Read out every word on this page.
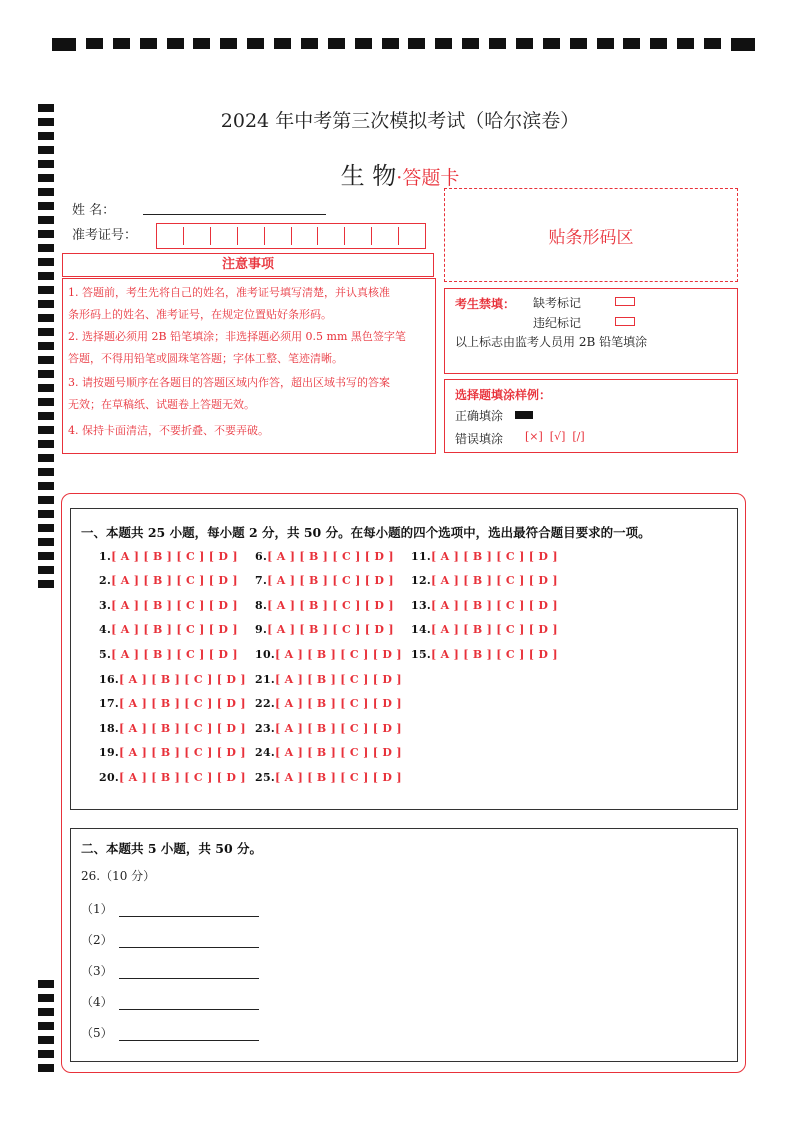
2024 年中考第三次模拟考试（哈尔滨卷）
生 物·答题卡
姓 名：
准考证号：	贴条形码区
注意事项

1. 答题前，考生先将自己的姓名，准考证号填写清楚，并认真核准

条形码上的姓名、准考证号，在规定位置贴好条形码。

2. 选择题必须用 2B 铅笔填涂；非选择题必须用 0.5 mm 黑色签字笔

答题，不得用铅笔或圆珠笔答题；字体工整、笔迹清晰。

3. 请按题号顺序在各题目的答题区域内作答，超出区域书写的答案

无效；在草稿纸、试题卷上答题无效。

4. 保持卡面清洁，不要折叠、不要弄破。

考生禁填： 缺考标记
违纪标记
以上标志由监考人员用 2B 铅笔填涂
选择题填涂样例：
正确填涂
错误填涂 [×]  [√]  [/]
一、本题共 25 小题，每小题 2 分，共 50 分。在每小题的四个选项中，选出最符合题目要求的一项。
1.[ A ] [ B ] [ C ] [ D ]
2.[ A ] [ B ] [ C ] [ D ]
3.[ A ] [ B ] [ C ] [ D ]
4.[ A ] [ B ] [ C ] [ D ]
5.[ A ] [ B ] [ C ] [ D ]
6.[ A ] [ B ] [ C ] [ D ]
7.[ A ] [ B ] [ C ] [ D ]
8.[ A ] [ B ] [ C ] [ D ]
9.[ A ] [ B ] [ C ] [ D ]
10.[ A ] [ B ] [ C ] [ D ]
11.[ A ] [ B ] [ C ] [ D ]
12.[ A ] [ B ] [ C ] [ D ]
13.[ A ] [ B ] [ C ] [ D ]
14.[ A ] [ B ] [ C ] [ D ]
15.[ A ] [ B ] [ C ] [ D ]
16.[ A ] [ B ] [ C ] [ D ]
17.[ A ] [ B ] [ C ] [ D ]
18.[ A ] [ B ] [ C ] [ D ]
19.[ A ] [ B ] [ C ] [ D ]
20.[ A ] [ B ] [ C ] [ D ]
21.[ A ] [ B ] [ C ] [ D ]
22.[ A ] [ B ] [ C ] [ D ]
23.[ A ] [ B ] [ C ] [ D ]
24.[ A ] [ B ] [ C ] [ D ]
25.[ A ] [ B ] [ C ] [ D ]
二、本题共 5 小题，共 50 分。
26.（10 分）
（1）
（2）
（3）
（4）
（5）
